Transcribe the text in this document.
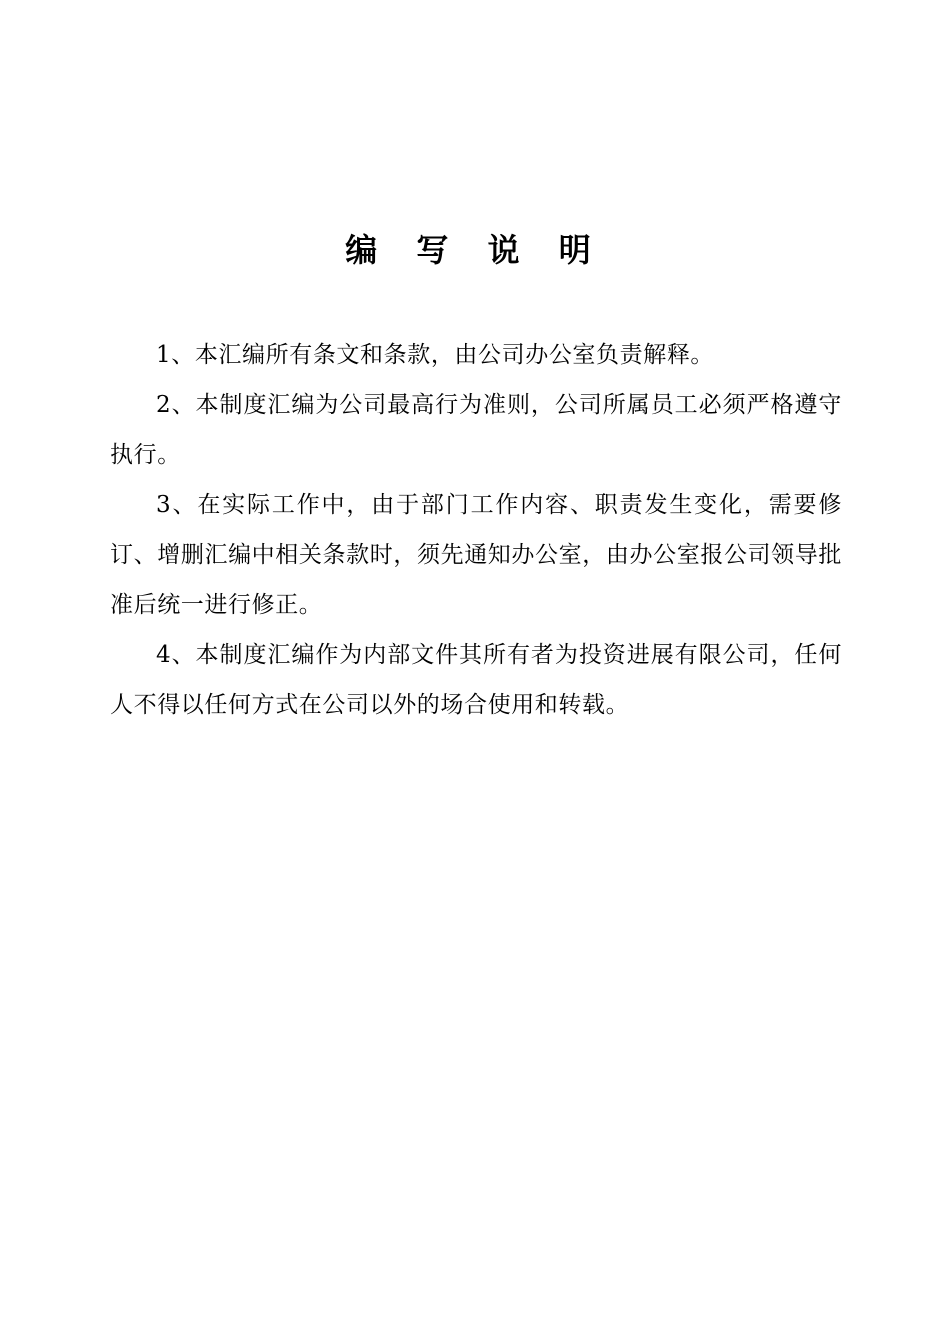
编 写 说 明

1、本汇编所有条文和条款，由公司办公室负责解释。

2、本制度汇编为公司最高行为准则，公司所属员工必须严格遵守执行。

3、在实际工作中，由于部门工作内容、职责发生变化，需要修订、增删汇编中相关条款时，须先通知办公室，由办公室报公司领导批准后统一进行修正。

4、本制度汇编作为内部文件其所有者为投资进展有限公司，任何人不得以任何方式在公司以外的场合使用和转载。
